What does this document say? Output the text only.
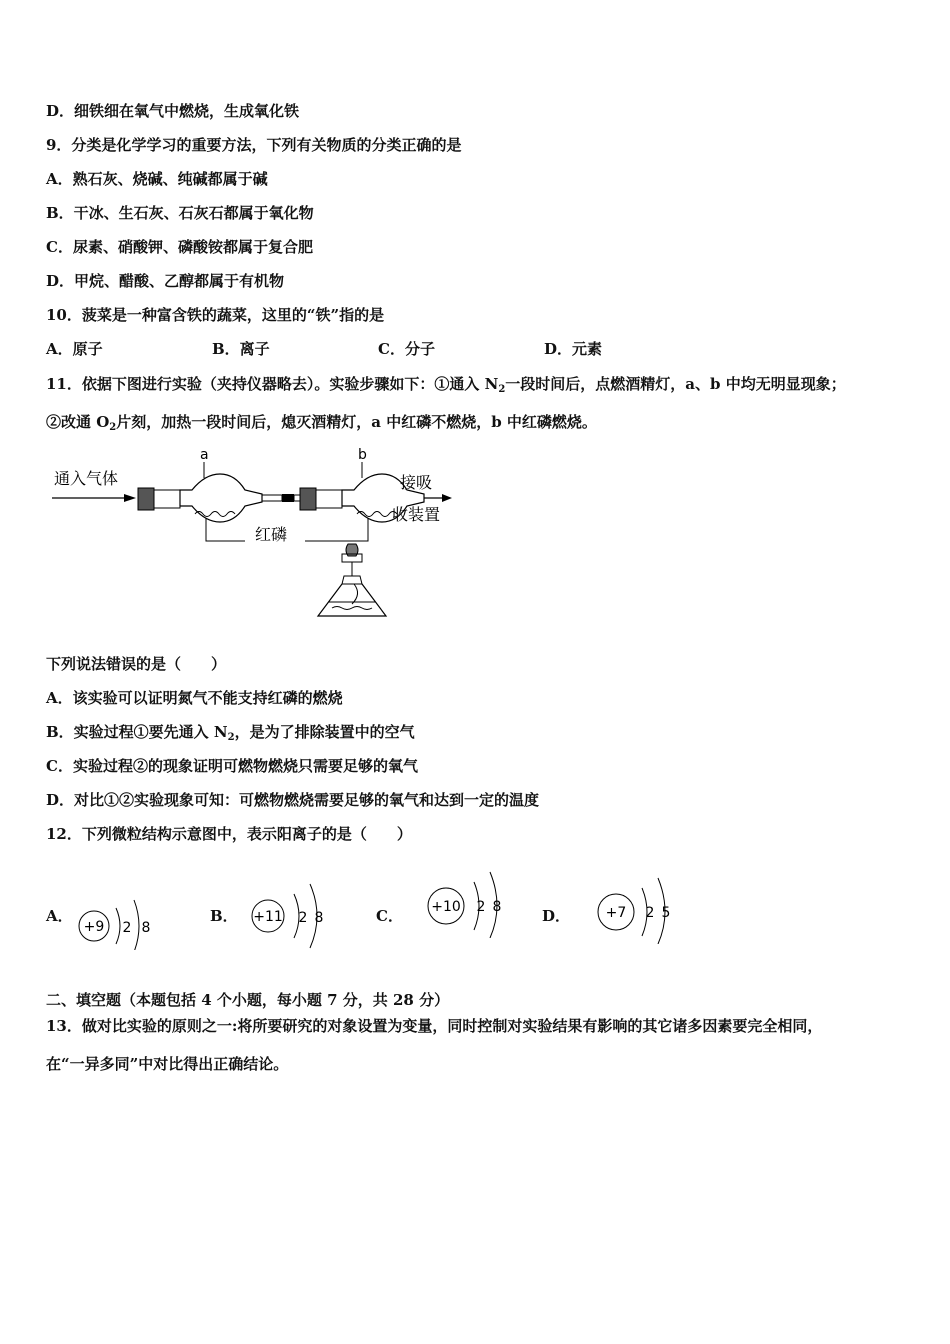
D．细铁细在氧气中燃烧，生成氧化铁
9．分类是化学学习的重要方法，下列有关物质的分类正确的是
A．熟石灰、烧碱、纯碱都属于碱
B．干冰、生石灰、石灰石都属于氧化物
C．尿素、硝酸钾、磷酸铵都属于复合肥
D．甲烷、醋酸、乙醇都属于有机物
10．菠菜是一种富含铁的蔬菜，这里的“铁”指的是
A．原子	B．离子	C．分子	D．元素
11．依据下图进行实验（夹持仪器略去）。实验步骤如下：①通入 $N_2$一段时间后，点燃酒精灯，a、b 中均无明显现象；
②改通 $O_2$片刻，加热一段时间后，熄灭酒精灯，a 中红磷不燃烧，b 中红磷燃烧。
通入气体
a	b
接吸
收装置
红磷
下列说法错误的是（　　）
A．该实验可以证明氮气不能支持红磷的燃烧
B．实验过程①要先通入 $N_2$，是为了排除装置中的空气
C．实验过程②的现象证明可燃物燃烧只需要足够的氧气
D．对比①②实验现象可知：可燃物燃烧需要足够的氧气和达到一定的温度
12．下列微粒结构示意图中，表示阳离子的是（　　）
A．
+9 2 8
B． +11 2 8	C． +10 2 8	D．	+7 2 5
二、填空题（本题包括 4 个小题，每小题 7 分，共 28 分）
13．做对比实验的原则之一:将所要研究的对象设置为变量，同时控制对实验结果有影响的其它诸多因素要完全相同，
在“一异多同”中对比得出正确结论。
